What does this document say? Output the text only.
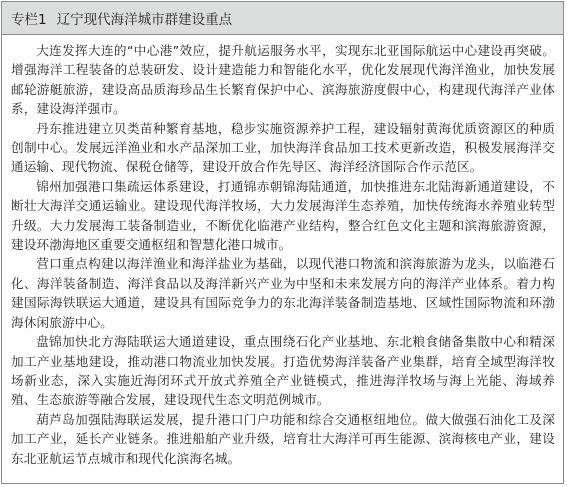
专栏1 辽宁现代海洋城市群建设重点

大连发挥大连的“中心港”效应，提升航运服务水平，实现东北亚国际航运中心建设再突破。增强海洋工程装备的总装研发、设计建造能力和智能化水平，优化发展现代海洋渔业，加快发展邮轮游艇旅游，建设高品质海珍品生长繁育保护中心、滨海旅游度假中心，构建现代海洋产业体系，建设海洋强市。

丹东推进建立贝类苗种繁育基地，稳步实施资源养护工程，建设辐射黄海优质资源区的种质创制中心。发展远洋渔业和水产品深加工业，加快海洋食品加工技术更新改造，积极发展海洋交通运输、现代物流、保税仓储等，建设开放合作先导区、海洋经济国际合作示范区。

锦州加强港口集疏运体系建设，打通锦赤朝锦海陆通道，加快推进东北陆海新通道建设，不断壮大海洋交通运输业。建设现代海洋牧场，大力发展海洋生态养殖，加快传统海水养殖业转型升级。大力发展海工装备制造业，不断优化临港产业结构，整合红色文化主题和滨海旅游资源，建设环渤海地区重要交通枢纽和智慧化港口城市。

营口重点构建以海洋渔业和海洋盐业为基础，以现代港口物流和滨海旅游为龙头，以临港石化、海洋装备制造、海洋食品以及海洋新兴产业为中坚和未来发展方向的海洋产业体系。着力构建国际海铁联运大通道，建设具有国际竞争力的东北海洋装备制造基地、区域性国际物流和环渤海休闲旅游中心。

盘锦加快北方海陆联运大通道建设，重点围绕石化产业基地、东北粮食储备集散中心和精深加工产业基地建设，推动港口物流业加快发展。打造优势海洋装备产业集群，培育全域型海洋牧场新业态，深入实施近海闭环式开放式养殖全产业链模式，推进海洋牧场与海上光能、海域养殖、生态旅游等融合发展，建设现代生态文明范例城市。

葫芦岛加强陆海联运发展，提升港口门户功能和综合交通枢纽地位。做大做强石油化工及深加工产业，延长产业链条。推进船舶产业升级，培育壮大海洋可再生能源、滨海核电产业，建设东北亚航运节点城市和现代化滨海名城。
